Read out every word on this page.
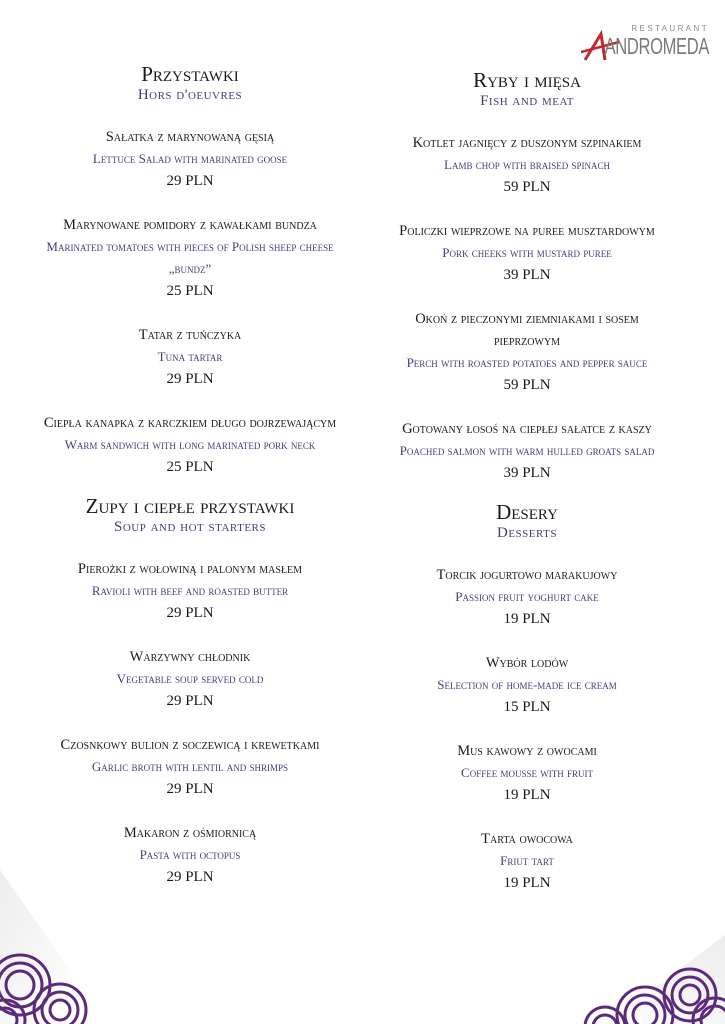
RESTAURANT
ANDROMEDA
Przystawki
Hors d'oeuvres
Sałatka z marynowaną gęsią
Lettuce Salad with marinated goose
29 PLN
Marynowane pomidory z kawałkami bundza
Marinated tomatoes with pieces of Polish sheep cheese „bundz”
25 PLN
Tatar z tuńczyka
Tuna tartar
29 PLN
Ciepła kanapka z karczkiem długo dojrzewającym
Warm sandwich with long marinated pork neck
25 PLN
Zupy i ciepłe przystawki
Soup and hot starters
Pierożki z wołowiną i palonym masłem
Ravioli with beef and roasted butter
29 PLN
Warzywny chłodnik
Vegetable soup served cold
29 PLN
Czosnkowy bulion z soczewicą i krewetkami
Garlic broth with lentil and shrimps
29 PLN
Makaron z ośmiornicą
Pasta with octopus
29 PLN
Ryby i mięsa
Fish and meat
Kotlet jagnięcy z duszonym szpinakiem
Lamb chop with braised spinach
59 PLN
Policzki wieprzowe na puree musztardowym
Pork cheeks with mustard puree
39 PLN
Okoń z pieczonymi ziemniakami i sosem pieprzowym
Perch with roasted potatoes and pepper sauce
59 PLN
Gotowany łosoś na ciepłej sałatce z kaszy
Poached salmon with warm hulled groats salad
39 PLN
Desery
Desserts
Torcik jogurtowo marakujowy
Passion fruit yoghurt cake
19 PLN
Wybór lodów
Selection of home-made ice cream
15 PLN
Mus kawowy z owocami
Coffee mousse with fruit
19 PLN
Tarta owocowa
Friut tart
19 PLN
